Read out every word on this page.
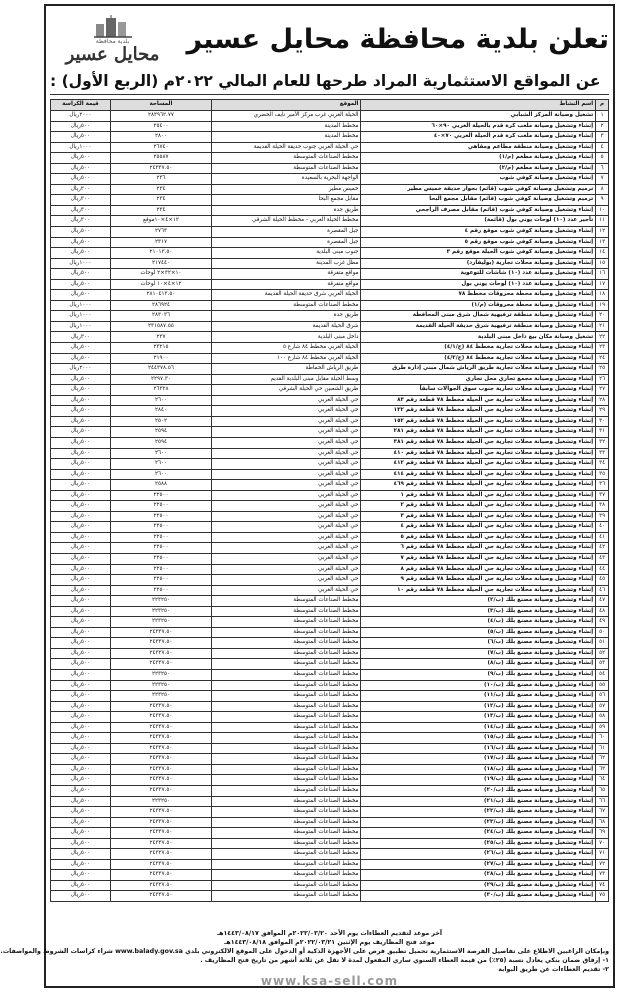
تعلن بلدية محافظة محايل عسير
بلدية محافظة
محايل عسير
عن المواقع الاستثمارية المراد طرحها للعام المالي ٢٠٢٢م (الربع الأول) :
م	اسم النشاط	الموقع	المساحة	قيمة الكراسة
١	تشغيل وصيانة المركز الشبابي	الحيلة الغربي غرب مركز الأمير نايف الحضري	٢٨٣٩٦٢.٧٧	٢٠٠٠ريال
٢	إنشاء وتشغيل وصيانة ملعب كرة قدم بالحيلة الغربي ٩٠×٦٠	مخطط المدينة	٢٥٤٠٠	٥٠٠ريال
٣	إنشاء وتشغيل وصيانة ملعب كرة قدم الحيلة الغربي ٧٠×٤٠	مخطط المدينة	٢٨٠٠	٥٠٠ريال
٤	إنشاء وتشغيل وصيانة منطقة مطاعم ومقاهي	حي الحيلة الغربي جنوب حديقة الحيلة القديمة	٢٦٧٤٠	١٠٠٠ريال
٥	إنشاء وتشغيل وصيانة مطعم (م/١)	مخطط الصناعات المتوسطة	٢٥٥٨٧	٥٠٠ريال
٦	إنشاء وتشغيل وصيانة مطعم (م/٢)	مخطط الصناعات المتوسطة	٢٤٣٣٧.٥٠	٥٠٠ريال
٧	إنشاء وتشغيل وصيانة كوفي شوب	الواجهة البحرية بالسعيدة	٢٣٦	٥٠٠ريال
٨	ترميم وتشغيل وصيانة كوفي شوب (قائم) بجوار حديقة خميس مطير	خميس مطير	٢٣٤	٣٠٠ريال
٩	ترميم وتشغيل وصيانة كوفي شوب (قائم) مقابل مجمع البحا	مقابل مجمع البحا	٢٣٤	٣٠٠ريال
١٠	إنشاء وتشغيل وصيانة كوفي شوب (قائم) مقابل مصرف الراجحي	طريق جدة	٢٣٤	٣٠٠ريال
١١	تأجير عدد (١٠) لوحات يوني بول (قائمة)	مخطط الحيلة الغربي - مخطط الحيلة الشرقي	١٢×٤×١٠موقع	٣٠٠ريال
١٢	إنشاء وتشغيل وصيانة كوفي شوب موقع رقم ٤	جبل المقصرة	٢٧٦٣	٥٠٠ريال
١٣	إنشاء وتشغيل وصيانة كوفي شوب موقع رقم ٥	جبل المقصرة	٢٣١٧	٥٠٠ريال
١٤	إنشاء وتشغيل وصيانة كوفي شوب الحيلة موقع رقم ٣	جنوب مبنى البلدية	٢١٠١٣.٥٠	٥٠٠ريال
١٥	إنشاء وتشغيل وصيانة محلات تجارية (بوليفارد)	مطل غرب المدينة	٢١٧٤٤٠	١٠٠٠ريال
١٦	إنشاء وتشغيل وصيانة عدد (١٠) شاشات للتوعوية	مواقع متفرقة	١٠×٣٢×٢ لوحات	٥٠٠ريال
١٧	إنشاء وتشغيل وصيانة عدد (١٠) لوحات يوني بول	مواقع متفرقة	١٢×٤×١٠ لوحات	٥٠٠ريال
١٨	إنشاء وتشغيل وصيانة محطة محروقات مخطط ٧٨	الحيلة الغربي شرق حديقة الحيلة القديمة	٢٨١٠٤١٣.٥٠	٥٠٠ريال
١٩	إنشاء وتشغيل وصيانة محطة محروقات (م/١)	مخطط الصناعات المتوسطة	٢٨٦٩٢٤	١٠٠٠ريال
٢٠	إنشاء وتشغيل وصيانة منطقة ترفيهية شمال شرق مبنى المحافظة	طريق جدة	٢٨٣٠٣٦	١٠٠٠ريال
٢١	إنشاء وتشغيل وصيانة منطقة ترفيهية شرق حديقة الحيلة القديمة	شرق الحيلة القديمة	٢٣١٥٨٧.٥٥	١٠٠٠ريال
٢٢	تشغيل وصيانة مكان بيع داخل مبنى البلدية	داخل مبنى البلدية	٢٣٧	٣٠٠ريال
٢٣	إنشاء وتشغيل وصيانة محلات تجارية مخطط ٨٤ (ج/٤/١)	الحيلة الغربي مخطط ٨٤ شارع ٥	٢٣٢١٥	٥٠٠ريال
٢٤	إنشاء وتشغيل وصيانة محلات تجارية مخطط ٨٤ (ج/٤/٢)	الحيلة الغربي مخطط ٨٤ شارع ١٠٠	٢١٩٠٠	٥٠٠ريال
٢٥	إنشاء وتشغيل وصيانة محلات تجارية طريق الرياش شمال مبنى إدارة طرق	طريق الرياش الحماطة	٢٤٤٣٧٨.٥٦	٢٠٠٠ريال
٢٦	إنشاء وتشغيل وصيانة مجمع تجاري محل تجاري	وسط الحيلة مقابل مبنى البلدية القديم	٢٢٩٧.٣٠	٥٠٠ريال
٢٧	إنشاء وتشغيل وصيانة محلات تجارية جنوب سوق الجوالات سابقاً	طريق الشعبين حي الحيلة الشرقي	٢٦٣٢٨	٥٠٠ريال
٢٨	إنشاء وتشغيل وصيانة محلات تجارية حي الحيلة مخطط ٧٨ قطعة رقم ٨٣	حي الحيلة الغربي	٢٦٠٠	٥٠٠ريال
٢٩	إنشاء وتشغيل وصيانة محلات تجارية حي الحيلة مخطط ٧٨ قطعة رقم ١٣٢	حي الحيلة الغربي	٢٨٤٠	٥٠٠ريال
٣٠	إنشاء وتشغيل وصيانة محلات تجارية حي الحيلة مخطط ٧٨ قطعة رقم ١٥٢	حي الحيلة الغربي	٢٥٠٢	٥٠٠ريال
٣١	إنشاء وتشغيل وصيانة محلات تجارية حي الحيلة مخطط ٧٨ قطعة رقم ٢٨١	حي الحيلة الغربي	٢٥٩٤	٥٠٠ريال
٣٢	إنشاء وتشغيل وصيانة محلات تجارية حي الحيلة مخطط ٧٨ قطعة رقم ٣٨١	حي الحيلة الغربي	٢٥٩٤	٥٠٠ريال
٣٣	إنشاء وتشغيل وصيانة محلات تجارية حي الحيلة مخطط ٧٨ قطعة رقم ٤١٠	حي الحيلة الغربي	٢٦٠٠	٥٠٠ريال
٣٤	إنشاء وتشغيل وصيانة محلات تجارية حي الحيلة مخطط ٧٨ قطعة رقم ٤١٢	حي الحيلة الغربي	٢٦٠٠	٥٠٠ريال
٣٥	إنشاء وتشغيل وصيانة محلات تجارية حي الحيلة مخطط ٧٨ قطعة رقم ٤١٤	حي الحيلة الغربي	٢٦٠٠	٥٠٠ريال
٣٦	إنشاء وتشغيل وصيانة محلات تجارية حي الحيلة مخطط ٧٨ قطعة رقم ٤٦٩	حي الحيلة الغربي	٢٥٨٨	٥٠٠ريال
٣٧	إنشاء وتشغيل وصيانة محلات تجارية حي الحيلة مخطط ٧٨ قطعة رقم ١	حي الحيلة الغربي	٢٢٥٠٠	٥٠٠ريال
٣٨	إنشاء وتشغيل وصيانة محلات تجارية حي الحيلة مخطط ٧٨ قطعة رقم ٢	حي الحيلة الغربي	٢٢٥٠٠	٥٠٠ريال
٣٩	إنشاء وتشغيل وصيانة محلات تجارية حي الحيلة مخطط ٧٨ قطعة رقم ٣	حي الحيلة الغربي	٢٢٥٠٠	٥٠٠ريال
٤٠	إنشاء وتشغيل وصيانة محلات تجارية حي الحيلة مخطط ٧٨ قطعة رقم ٤	حي الحيلة الغربي	٢٢٥٠٠	٥٠٠ريال
٤١	إنشاء وتشغيل وصيانة محلات تجارية حي الحيلة مخطط ٧٨ قطعة رقم ٥	حي الحيلة الغربي	٢٢٥٠٠	٥٠٠ريال
٤٢	إنشاء وتشغيل وصيانة محلات تجارية حي الحيلة مخطط ٧٨ قطعة رقم ٦	حي الحيلة الغربي	٢٢٥٠٠	٥٠٠ريال
٤٣	إنشاء وتشغيل وصيانة محلات تجارية حي الحيلة مخطط ٧٨ قطعة رقم ٧	حي الحيلة الغربي	٢٢٥٠٠	٥٠٠ريال
٤٤	إنشاء وتشغيل وصيانة محلات تجارية حي الحيلة مخطط ٧٨ قطعة رقم ٨	حي الحيلة الغربي	٢٢٥٠٠	٥٠٠ريال
٤٥	إنشاء وتشغيل وصيانة محلات تجارية حي الحيلة مخطط ٧٨ قطعة رقم ٩	حي الحيلة الغربي	٢٢٥٠٠	٥٠٠ريال
٤٦	إنشاء وتشغيل وصيانة محلات تجارية حي الحيلة مخطط ٧٨ قطعة رقم ١٠	حي الحيلة الغربي	٢٢٥٠٠	٥٠٠ريال
٤٧	إنشاء وتشغيل وصيانة مصنع بلك (ب/٢)	مخطط الصناعات المتوسطة	٢٢٣٢٥٠	٥٠٠ريال
٤٨	إنشاء وتشغيل وصيانة مصنع بلك (ب/٣)	مخطط الصناعات المتوسطة	٢٢٣٢٥٠	٥٠٠ريال
٤٩	إنشاء وتشغيل وصيانة مصنع بلك (ب/٤)	مخطط الصناعات المتوسطة	٢٢٣٢٥٠	٥٠٠ريال
٥٠	إنشاء وتشغيل وصيانة مصنع بلك (ب/٥)	مخطط الصناعات المتوسطة	٢٤٣٣٧.٥٠	٥٠٠ريال
٥١	إنشاء وتشغيل وصيانة مصنع بلك (ب/٦)	مخطط الصناعات المتوسطة	٢٤٣٣٧.٥٠	٥٠٠ريال
٥٢	إنشاء وتشغيل وصيانة مصنع بلك (ب/٧)	مخطط الصناعات المتوسطة	٢٤٣٣٧.٥٠	٥٠٠ريال
٥٣	إنشاء وتشغيل وصيانة مصنع بلك (ب/٨)	مخطط الصناعات المتوسطة	٢٤٣٣٧.٥٠	٥٠٠ريال
٥٤	إنشاء وتشغيل وصيانة مصنع بلك (ب/٩)	مخطط الصناعات المتوسطة	٢٢٣٢٥٠	٥٠٠ريال
٥٥	إنشاء وتشغيل وصيانة مصنع بلك (ب/١٠)	مخطط الصناعات المتوسطة	٢٢٣٢٥٠	٥٠٠ريال
٥٦	إنشاء وتشغيل وصيانة مصنع بلك (ب/١١)	مخطط الصناعات المتوسطة	٢٢٣٢٥٠	٥٠٠ريال
٥٧	إنشاء وتشغيل وصيانة مصنع بلك (ب/١٢)	مخطط الصناعات المتوسطة	٢٤٣٣٧.٥٠	٥٠٠ريال
٥٨	إنشاء وتشغيل وصيانة مصنع بلك (ب/١٣)	مخطط الصناعات المتوسطة	٢٤٣٣٧.٥٠	٥٠٠ريال
٥٩	إنشاء وتشغيل وصيانة مصنع بلك (ب/١٤)	مخطط الصناعات المتوسطة	٢٤٣٣٧.٥٠	٥٠٠ريال
٦٠	إنشاء وتشغيل وصيانة مصنع بلك (ب/١٥)	مخطط الصناعات المتوسطة	٢٤٣٣٧.٥٠	٥٠٠ريال
٦١	إنشاء وتشغيل وصيانة مصنع بلك (ب/١٦)	مخطط الصناعات المتوسطة	٢٤٣٣٧.٥٠	٥٠٠ريال
٦٢	إنشاء وتشغيل وصيانة مصنع بلك (ب/١٧)	مخطط الصناعات المتوسطة	٢٤٣٣٧.٥٠	٥٠٠ريال
٦٣	إنشاء وتشغيل وصيانة مصنع بلك (ب/١٨)	مخطط الصناعات المتوسطة	٢٤٣٣٧.٥٠	٥٠٠ريال
٦٤	إنشاء وتشغيل وصيانة مصنع بلك (ب/١٩)	مخطط الصناعات المتوسطة	٢٤٣٣٧.٥٠	٥٠٠ريال
٦٥	إنشاء وتشغيل وصيانة مصنع بلك (ب/٢٠)	مخطط الصناعات المتوسطة	٢٤٣٣٧.٥٠	٥٠٠ريال
٦٦	إنشاء وتشغيل وصيانة مصنع بلك (ب/٢١)	مخطط الصناعات المتوسطة	٢٢٣٢٥٠	٥٠٠ريال
٦٧	إنشاء وتشغيل وصيانة مصنع بلك (ب/٢٢)	مخطط الصناعات المتوسطة	٢٤٣٣٧.٥٠	٥٠٠ريال
٦٨	إنشاء وتشغيل وصيانة مصنع بلك (ب/٢٣)	مخطط الصناعات المتوسطة	٢٤٣٣٧.٥٠	٥٠٠ريال
٦٩	إنشاء وتشغيل وصيانة مصنع بلك (ب/٢٤)	مخطط الصناعات المتوسطة	٢٤٣٣٧.٥٠	٥٠٠ريال
٧٠	إنشاء وتشغيل وصيانة مصنع بلك (ب/٢٥)	مخطط الصناعات المتوسطة	٢٤٣٣٧.٥٠	٥٠٠ريال
٧١	إنشاء وتشغيل وصيانة مصنع بلك (ب/٢٦)	مخطط الصناعات المتوسطة	٢٤٣٣٧.٥٠	٥٠٠ريال
٧٢	إنشاء وتشغيل وصيانة مصنع بلك (ب/٢٧)	مخطط الصناعات المتوسطة	٢٤٣٣٧.٥٠	٥٠٠ريال
٧٣	إنشاء وتشغيل وصيانة مصنع بلك (ب/٢٨)	مخطط الصناعات المتوسطة	٢٤٣٣٧.٥٠	٥٠٠ريال
٧٤	إنشاء وتشغيل وصيانة مصنع بلك (ب/٢٩)	مخطط الصناعات المتوسطة	٢٤٣٣٧.٥٠	٥٠٠ريال
٧٥	إنشاء وتشغيل وصيانة مصنع بلك (ب/٣٠)	مخطط الصناعات المتوسطة	٢٤٣٣٧.٥٠	٥٠٠ريال
آخر موعد لتقديم العطاءات يوم الأحد ٢٠٢٢/٠٣/٢٠م الموافق ١٤٤٣/٠٨/١٧هـ
موعد فتح المظاريف يوم الإثنين ٢٠٢٢/٠٣/٢١م الموافق ١٤٤٣/٠٨/١٨هـ
وبإمكان الراغبين الاطلاع على تفاصيل الفرصة الاستثمارية تحميل تطبيق فرص على الأجهزة الذكية أو الدخول على الموقع الالكتروني بلدي www.balady.gov.sa شراء كراسات الشروط والمواصفات.
١- إرفاق ضمان بنكي يعادل نسبة (٢٥٪) من قيمة العطاء السنوي ساري المفعول لمدة لا تقل عن ثلاثة أشهر من تاريخ فتح المظاريف .
٢- تقديم العطاءات عن طريق البوابة
www.ksa-sell.com
